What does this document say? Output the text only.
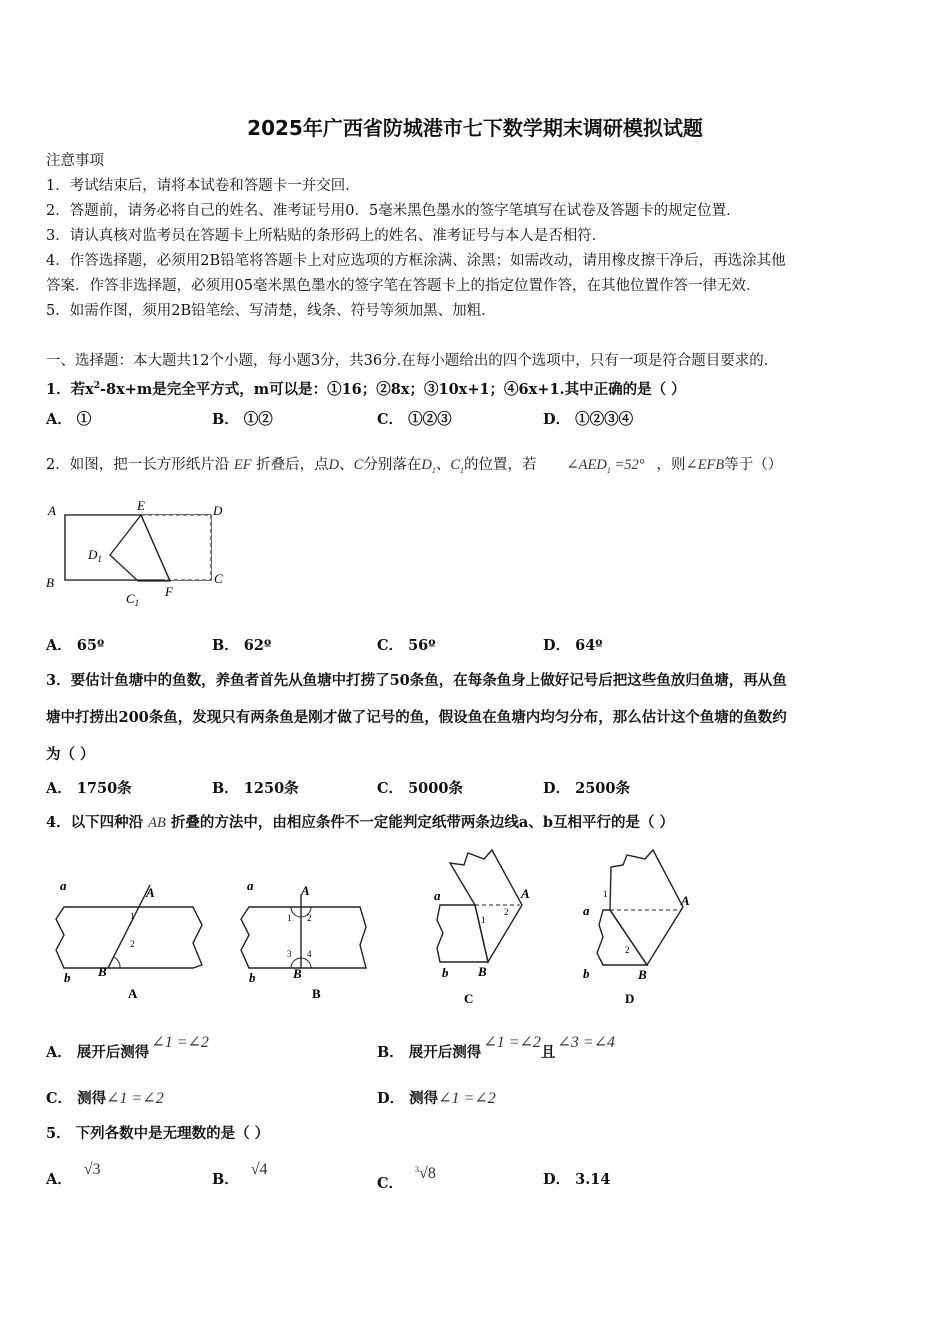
2025年广西省防城港市七下数学期末调研模拟试题
注意事项
1．考试结束后，请将本试卷和答题卡一并交回．
2．答题前，请务必将自己的姓名、准考证号用0．5毫米黑色墨水的签字笔填写在试卷及答题卡的规定位置．
3．请认真核对监考员在答题卡上所粘贴的条形码上的姓名、准考证号与本人是否相符．
4．作答选择题，必须用2B铅笔将答题卡上对应选项的方框涂满、涂黑；如需改动，请用橡皮擦干净后，再选涂其他
答案．作答非选择题，必须用05毫米黑色墨水的签字笔在答题卡上的指定位置作答，在其他位置作答一律无效．
5．如需作图，须用2B铅笔绘、写清楚，线条、符号等须加黑、加粗．
一、选择题：本大题共12个小题，每小题3分，共36分.在每小题给出的四个选项中，只有一项是符合题目要求的.
1．若$x^2-8x+m$是完全平方式，m可以是：①16；②8x；③10x+1；④6x+1.其中正确的是（ ）
A． ①	B． ①②	C． ①②③	D． ①②③④
2．如图，把一长方形纸片沿 EF 折叠后，点D、C分别落在$D_1$、$C_1$的位置，若 $\angle AED_1 =52^\circ$ ，则∠EFB等于（）
A
B
E	D
C
$D_1$
$C_1$
F
A． 65º	B． 62º	C． 56º	D． 64º
3．要估计鱼塘中的鱼数，养鱼者首先从鱼塘中打捞了50条鱼，在每条鱼身上做好记号后把这些鱼放归鱼塘，再从鱼
塘中打捞出200条鱼，发现只有两条鱼是刚才做了记号的鱼，假设鱼在鱼塘内均匀分布，那么估计这个鱼塘的鱼数约
为（ ）
A． 1750条	B． 1250条	C． 5000条	D． 2500条
4．以下四种沿 AB 折叠的方法中，由相应条件不一定能判定纸带两条边线a、b互相平行的是（ ）
a
b
A
B
1
2
A
a
b
A
B
1 2
3 4
B
a
b
A
B
1
2
C
a
b
A
B
1
2
D
A． 展开后测得∠1 =∠2
B． 展开后测得∠1 =∠2且∠3 =∠4
C． 测得∠1 =∠2	D． 测得∠1 =∠2
5． 下列各数中是无理数的是（ ）
A．√3
B．√4
C．$^3$√8	D． 3.14
